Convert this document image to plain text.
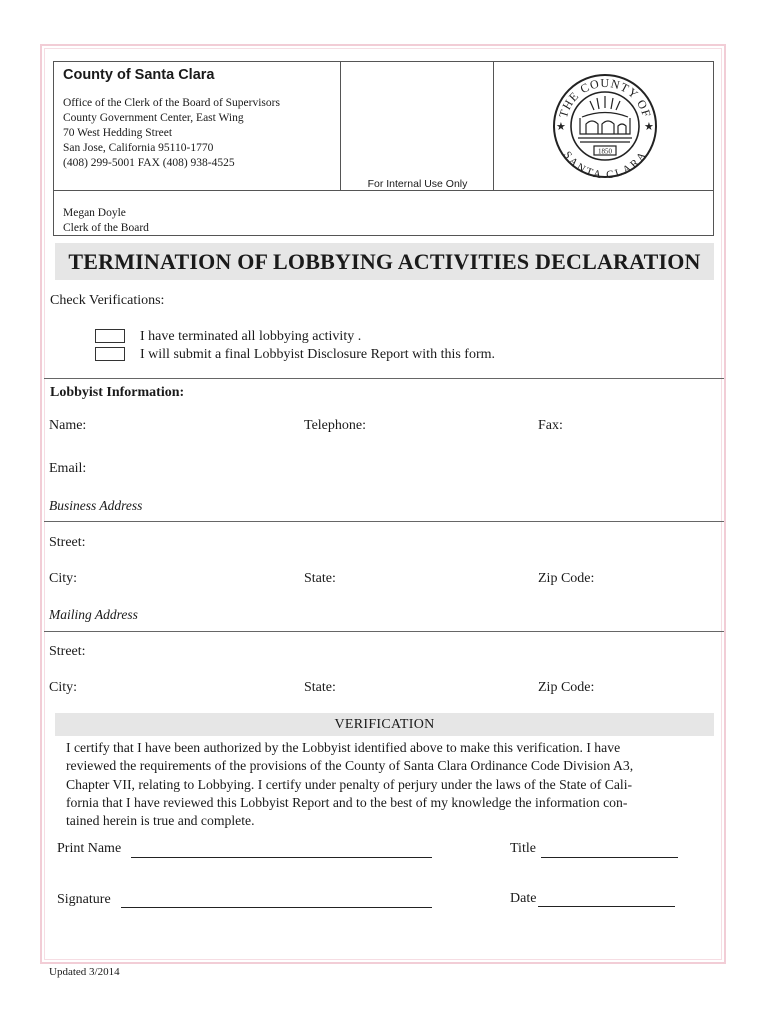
County of Santa Clara
Office of the Clerk of the Board of Supervisors
County Government Center, East Wing
70 West Hedding Street
San Jose, California 95110-1770
(408) 299-5001 FAX (408) 938-4525
For Internal Use Only
THE COUNTY OF
SANTA CLARA
★	★
1850
Megan Doyle
Clerk of the Board
TERMINATION OF LOBBYING ACTIVITIES DECLARATION
Check Verifications:
I have terminated all lobbying activity .
I will submit a final Lobbyist Disclosure Report with this form.
Lobbyist Information:
Name:	Telephone:	Fax:
Email:
Business Address
Street:
City:	State:	Zip Code:
Mailing Address
Street:
City:	State:	Zip Code:
VERIFICATION
I certify that I have been authorized by the Lobbyist identified above to make this verification. I have
reviewed the requirements of the provisions of the County of Santa Clara Ordinance Code Division A3,
Chapter VII, relating to Lobbying. I certify under penalty of perjury under the laws of the State of Cali-
fornia that I have reviewed this Lobbyist Report and to the best of my knowledge the information con-
tained herein is true and complete.
Print Name	Title
Signature	Date
Updated 3/2014
